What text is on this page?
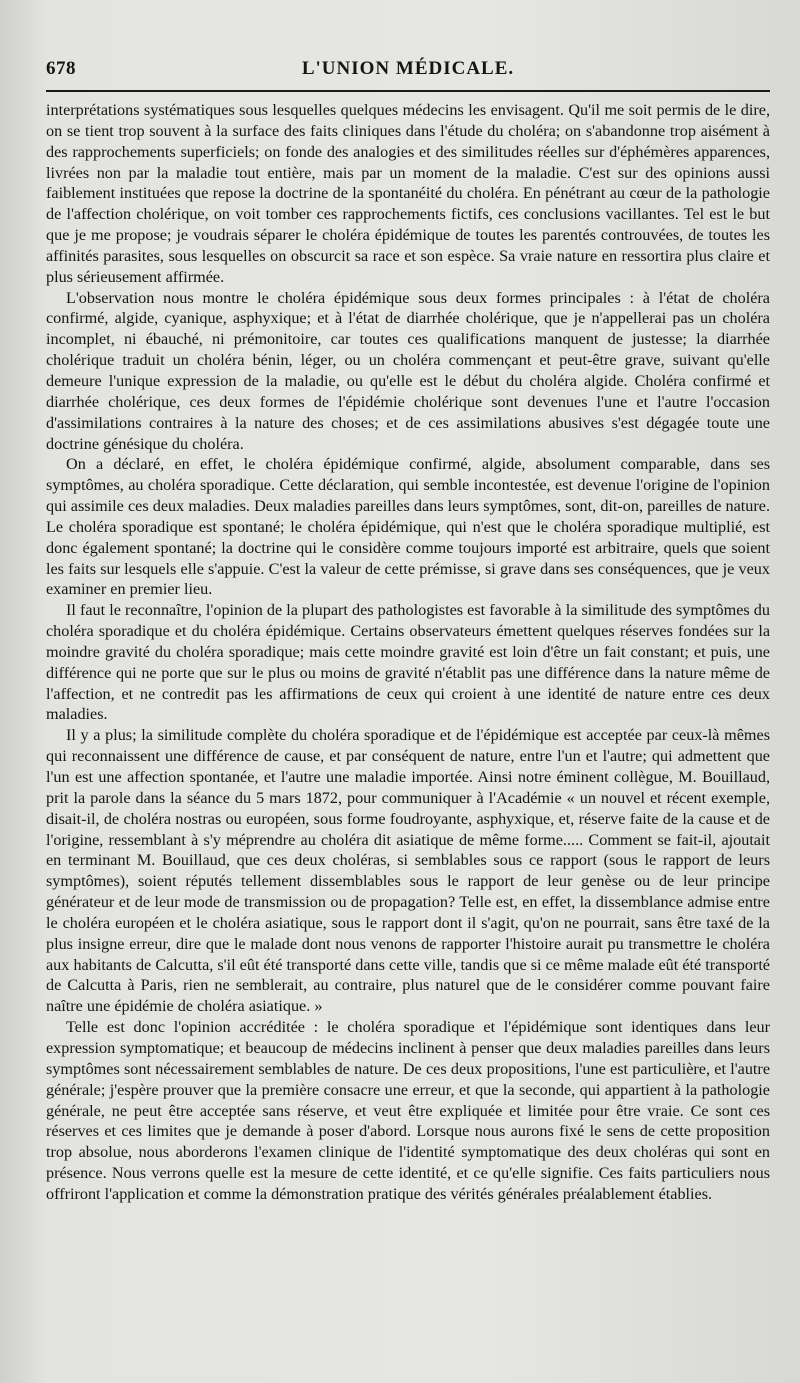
678	L'UNION MÉDICALE.

interprétations systématiques sous lesquelles quelques médecins les envisagent. Qu'il me soit permis de le dire, on se tient trop souvent à la surface des faits cliniques dans l'étude du choléra; on s'abandonne trop aisément à des rapprochements superficiels; on fonde des analogies et des similitudes réelles sur d'éphémères apparences, livrées non par la maladie tout entière, mais par un moment de la maladie. C'est sur des opinions aussi faiblement instituées que repose la doctrine de la spontanéité du choléra. En pénétrant au cœur de la pathologie de l'affection cholérique, on voit tomber ces rapprochements fictifs, ces conclusions vacillantes. Tel est le but que je me propose; je voudrais séparer le choléra épidémique de toutes les parentés controuvées, de toutes les affinités parasites, sous lesquelles on obscurcit sa race et son espèce. Sa vraie nature en ressortira plus claire et plus sérieusement affirmée.

L'observation nous montre le choléra épidémique sous deux formes principales : à l'état de choléra confirmé, algide, cyanique, asphyxique; et à l'état de diarrhée cholérique, que je n'appellerai pas un choléra incomplet, ni ébauché, ni prémonitoire, car toutes ces qualifications manquent de justesse; la diarrhée cholérique traduit un choléra bénin, léger, ou un choléra commençant et peut-être grave, suivant qu'elle demeure l'unique expression de la maladie, ou qu'elle est le début du choléra algide. Choléra confirmé et diarrhée cholérique, ces deux formes de l'épidémie cholérique sont devenues l'une et l'autre l'occasion d'assimilations contraires à la nature des choses; et de ces assimilations abusives s'est dégagée toute une doctrine génésique du choléra.

On a déclaré, en effet, le choléra épidémique confirmé, algide, absolument comparable, dans ses symptômes, au choléra sporadique. Cette déclaration, qui semble incontestée, est devenue l'origine de l'opinion qui assimile ces deux maladies. Deux maladies pareilles dans leurs symptômes, sont, dit-on, pareilles de nature. Le choléra sporadique est spontané; le choléra épidémique, qui n'est que le choléra sporadique multiplié, est donc également spontané; la doctrine qui le considère comme toujours importé est arbitraire, quels que soient les faits sur lesquels elle s'appuie. C'est la valeur de cette prémisse, si grave dans ses conséquences, que je veux examiner en premier lieu.

Il faut le reconnaître, l'opinion de la plupart des pathologistes est favorable à la similitude des symptômes du choléra sporadique et du choléra épidémique. Certains observateurs émettent quelques réserves fondées sur la moindre gravité du choléra sporadique; mais cette moindre gravité est loin d'être un fait constant; et puis, une différence qui ne porte que sur le plus ou moins de gravité n'établit pas une différence dans la nature même de l'affection, et ne contredit pas les affirmations de ceux qui croient à une identité de nature entre ces deux maladies.

Il y a plus; la similitude complète du choléra sporadique et de l'épidémique est acceptée par ceux-là mêmes qui reconnaissent une différence de cause, et par conséquent de nature, entre l'un et l'autre; qui admettent que l'un est une affection spontanée, et l'autre une maladie importée. Ainsi notre éminent collègue, M. Bouillaud, prit la parole dans la séance du 5 mars 1872, pour communiquer à l'Académie « un nouvel et récent exemple, disait-il, de choléra nostras ou européen, sous forme foudroyante, asphyxique, et, réserve faite de la cause et de l'origine, ressemblant à s'y méprendre au choléra dit asiatique de même forme..... Comment se fait-il, ajoutait en terminant M. Bouillaud, que ces deux choléras, si semblables sous ce rapport (sous le rapport de leurs symptômes), soient réputés tellement dissemblables sous le rapport de leur genèse ou de leur principe générateur et de leur mode de transmission ou de propagation? Telle est, en effet, la dissemblance admise entre le choléra européen et le choléra asiatique, sous le rapport dont il s'agit, qu'on ne pourrait, sans être taxé de la plus insigne erreur, dire que le malade dont nous venons de rapporter l'histoire aurait pu transmettre le choléra aux habitants de Calcutta, s'il eût été transporté dans cette ville, tandis que si ce même malade eût été transporté de Calcutta à Paris, rien ne semblerait, au contraire, plus naturel que de le considérer comme pouvant faire naître une épidémie de choléra asiatique. »

Telle est donc l'opinion accréditée : le choléra sporadique et l'épidémique sont identiques dans leur expression symptomatique; et beaucoup de médecins inclinent à penser que deux maladies pareilles dans leurs symptômes sont nécessairement semblables de nature. De ces deux propositions, l'une est particulière, et l'autre générale; j'espère prouver que la première consacre une erreur, et que la seconde, qui appartient à la pathologie générale, ne peut être acceptée sans réserve, et veut être expliquée et limitée pour être vraie. Ce sont ces réserves et ces limites que je demande à poser d'abord. Lorsque nous aurons fixé le sens de cette proposition trop absolue, nous aborderons l'examen clinique de l'identité symptomatique des deux choléras qui sont en présence. Nous verrons quelle est la mesure de cette identité, et ce qu'elle signifie. Ces faits particuliers nous offriront l'application et comme la démonstration pratique des vérités générales préalablement établies.
